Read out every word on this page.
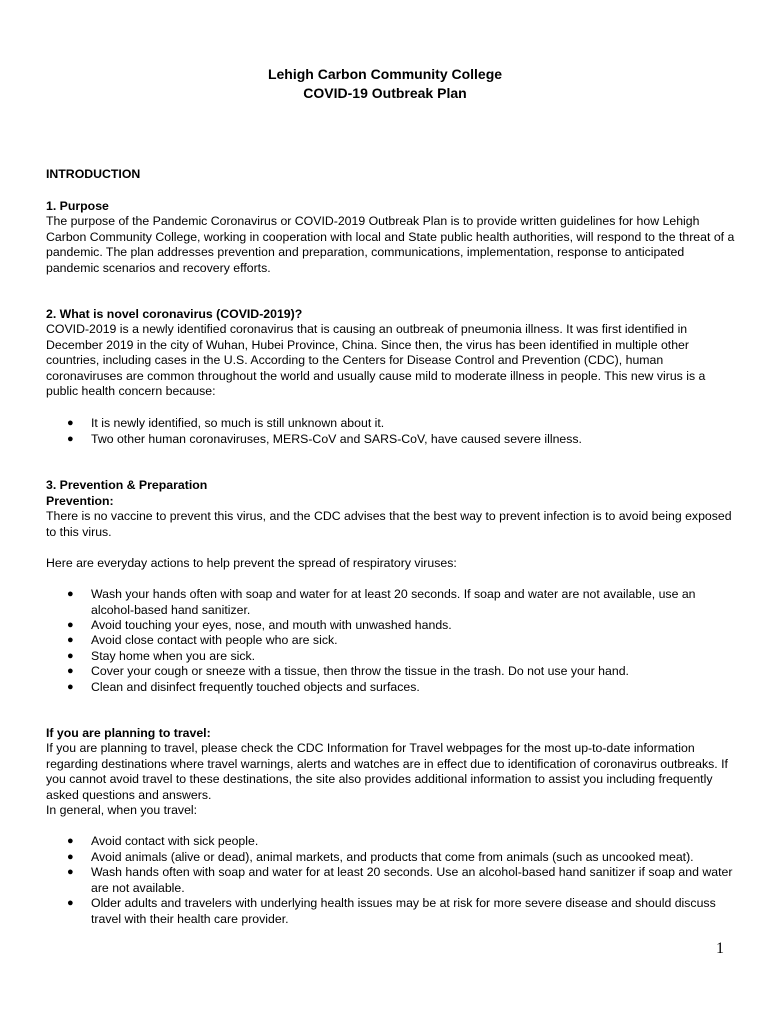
Lehigh Carbon Community College
COVID-19 Outbreak Plan
INTRODUCTION
1. Purpose
The purpose of the Pandemic Coronavirus or COVID-2019 Outbreak Plan is to provide written guidelines for how Lehigh Carbon Community College, working in cooperation with local and State public health authorities, will respond to the threat of a pandemic. The plan addresses prevention and preparation, communications, implementation, response to anticipated pandemic scenarios and recovery efforts.
2. What is novel coronavirus (COVID-2019)?
COVID-2019 is a newly identified coronavirus that is causing an outbreak of pneumonia illness. It was first identified in December 2019 in the city of Wuhan, Hubei Province, China. Since then, the virus has been identified in multiple other countries, including cases in the U.S. According to the Centers for Disease Control and Prevention (CDC), human coronaviruses are common throughout the world and usually cause mild to moderate illness in people. This new virus is a public health concern because:
● It is newly identified, so much is still unknown about it.
● Two other human coronaviruses, MERS-CoV and SARS-CoV, have caused severe illness.
3. Prevention & Preparation
Prevention:
There is no vaccine to prevent this virus, and the CDC advises that the best way to prevent infection is to avoid being exposed to this virus.
Here are everyday actions to help prevent the spread of respiratory viruses:
● Wash your hands often with soap and water for at least 20 seconds. If soap and water are not available, use an alcohol-based hand sanitizer.
● Avoid touching your eyes, nose, and mouth with unwashed hands.
● Avoid close contact with people who are sick.
● Stay home when you are sick.
● Cover your cough or sneeze with a tissue, then throw the tissue in the trash. Do not use your hand.
● Clean and disinfect frequently touched objects and surfaces.
If you are planning to travel:
If you are planning to travel, please check the CDC Information for Travel webpages for the most up-to-date information regarding destinations where travel warnings, alerts and watches are in effect due to identification of coronavirus outbreaks. If you cannot avoid travel to these destinations, the site also provides additional information to assist you including frequently asked questions and answers.
In general, when you travel:
● Avoid contact with sick people.
● Avoid animals (alive or dead), animal markets, and products that come from animals (such as uncooked meat).
● Wash hands often with soap and water for at least 20 seconds. Use an alcohol-based hand sanitizer if soap and water are not available.
● Older adults and travelers with underlying health issues may be at risk for more severe disease and should discuss travel with their health care provider.
1
